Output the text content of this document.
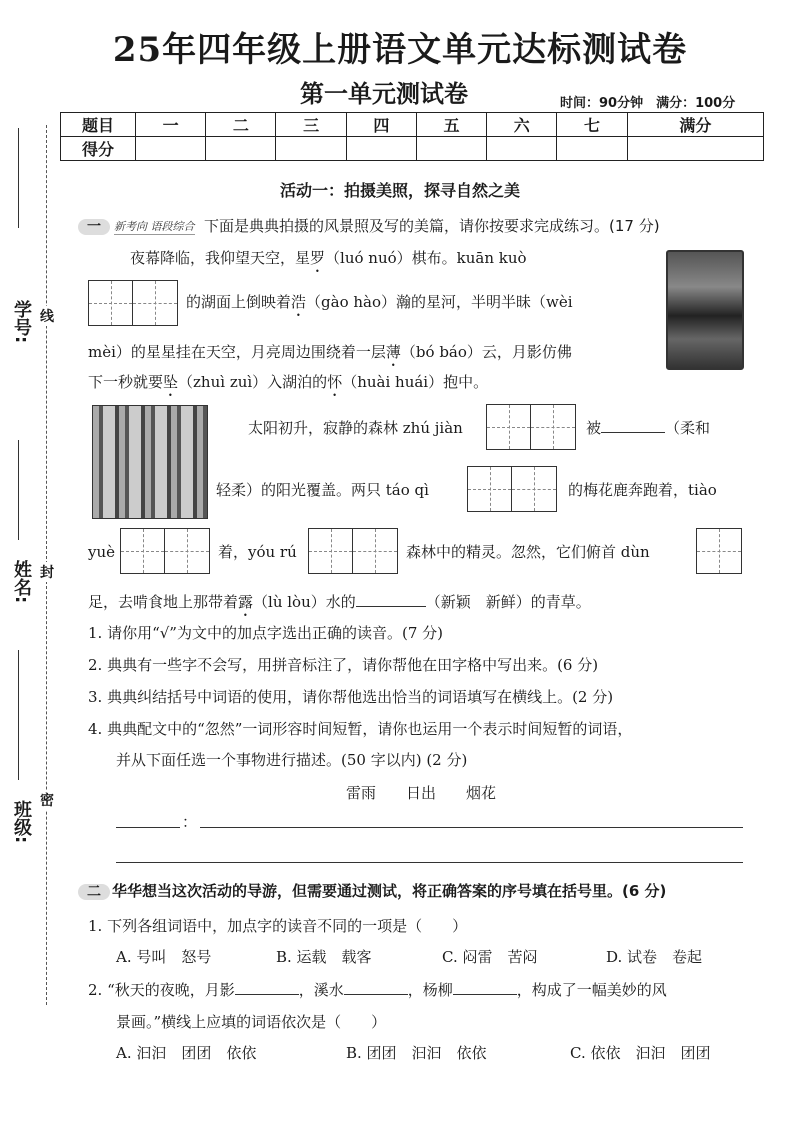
25年四年级上册语文单元达标测试卷
第一单元测试卷	时间：90分钟　满分：100分
题目	一	二	三	四	五	六	七	满分
得分								
学号: 线
姓名: 封
班级: 密
活动一：拍摄美照，探寻自然之美
一	新考向 语段综合 下面是典典拍摄的风景照及写的美篇，请你按要求完成练习。(17 分)
夜幕降临，我仰望天空，星罗（luó nuó）棋布。kuān kuò
的湖面上倒映着浩（gào hào）瀚的星河，半明半昧（wèi
mèi）的星星挂在天空，月亮周边围绕着一层薄（bó báo）云，月影仿佛
下一秒就要坠（zhuì zuì）入湖泊的怀（huài huái）抱中。
太阳初升，寂静的森林 zhú jiàn	被	（柔和
轻柔）的阳光覆盖。两只 táo qì	的梅花鹿奔跑着，tiào
yuè	着，yóu rú	森林中的精灵。忽然，它们俯首 dùn
足，去啃食地上那带着露（lù lòu）水的	（新颖　新鲜）的青草。
1. 请你用“√”为文中的加点字选出正确的读音。(7 分)
2. 典典有一些字不会写，用拼音标注了，请你帮他在田字格中写出来。(6 分)
3. 典典纠结括号中词语的使用，请你帮他选出恰当的词语填写在横线上。(2 分)
4. 典典配文中的“忽然”一词形容时间短暂，请你也运用一个表示时间短暂的词语，
并从下面任选一个事物进行描述。(50 字以内) (2 分)
雷雨　　日出　　烟花
：
二 华华想当这次活动的导游，但需要通过测试，将正确答案的序号填在括号里。(6 分)
1. 下列各组词语中，加点字的读音不同的一项是（　　）
A. 号叫　怒号	B. 运载　载客	C. 闷雷　苦闷	D. 试卷　卷起
2. “秋天的夜晚，月影	，溪水	，杨柳	，构成了一幅美妙的风
景画。”横线上应填的词语依次是（　　）
A. 汩汩　团团　依依	B. 团团　汩汩　依依	C. 依依　汩汩　团团
